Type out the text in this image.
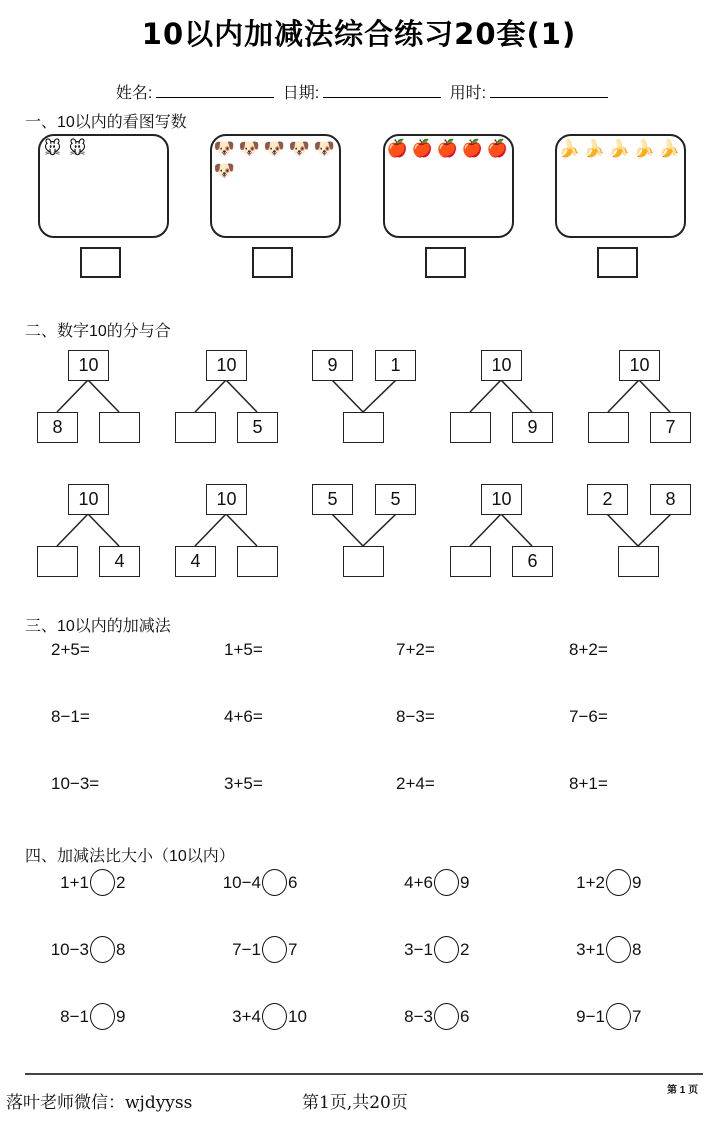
10以内加减法综合练习20套(1)
姓名:	日期:	用时:
一、10以内的看图写数
🐭 🐭	🐶 🐶 🐶 🐶 🐶
🐶
🍎 🍎 🍎 🍎 🍎	🍌 🍌 🍌 🍌 🍌
二、数字10的分与合
10
8
10
5
9	1	10
9
10
7
10
4
10
4
5	5	10
6
2	8
三、10以内的加减法
2+5=	1+5=	7+2=	8+2=
8−1=	4+6=	8−3=	7−6=
10−3=	3+5=	2+4=	8+1=
四、加减法比大小（10以内）
1+1 2	10−4 6	4+6 9	1+2 9
10−3 8	7−1 7	3−1 2	3+1 8
8−1 9	3+4 10	8−3 6	9−1 7
落叶老师微信：wjdyyss	第1页,共20页
第 1 页
